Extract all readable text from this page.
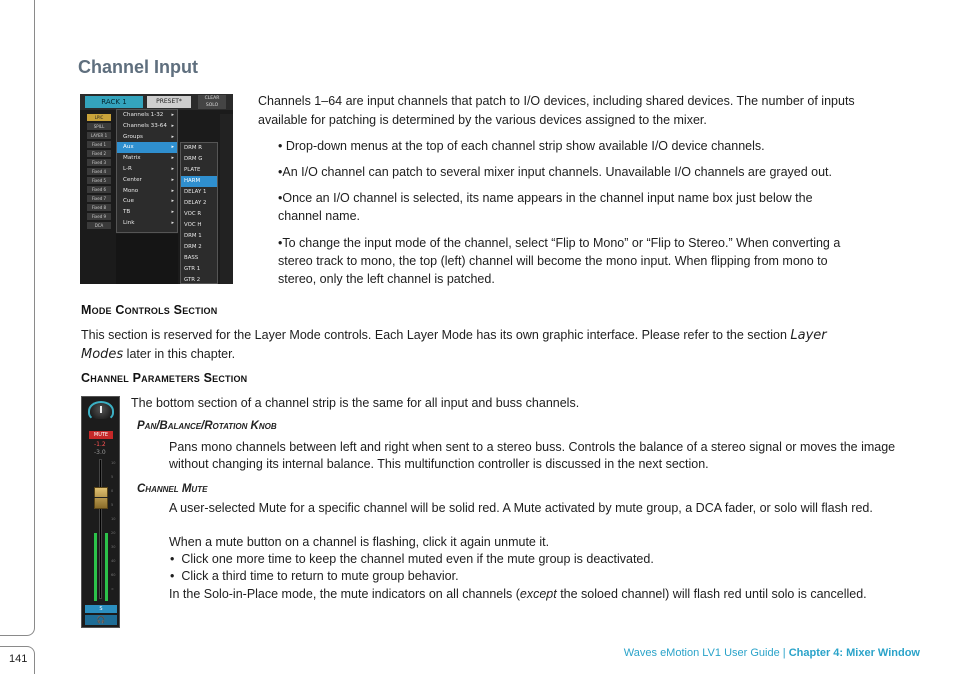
141
Channel Input
RACK 1	PRESET*	CLEAR SOLO
LPIC
SPILL
LAYER 1
Fixed 1
Fixed 2
Fixed 3
Fixed 4
Fixed 5
Fixed 6
Fixed 7
Fixed 8
Fixed 9
DCA
Channels 1-32 ▸
Channels 33-64 ▸
Groups	▸
Aux	▸
Matrix	▸
L-R	▸
Center	▸
Mono	▸
Cue	▸
TB	▸
Link	▸
DRM R
DRM G
PLATE
HARM
DELAY 1
DELAY 2
VOC R
VOC H
DRM 1
DRM 2
BASS
GTR 1
GTR 2

Channels 1–64 are input channels that patch to I/O devices, including shared devices. The number of inputs available for patching is determined by the various devices assigned to the mixer.

• Drop-down menus at the top of each channel strip show available I/O device channels.

•An I/O channel can patch to several mixer input channels. Unavailable I/O channels are grayed out.

•Once an I/O channel is selected, its name appears in the channel input name box just below the channel name.

•To change the input mode of the channel, select “Flip to Mono” or “Flip to Stereo.” When converting a stereo track to mono, the top (left) channel will become the mono input. When flipping from mono to stereo, only the left channel is patched.

Mode Controls Section

This section is reserved for the Layer Mode controls. Each Layer Mode has its own graphic interface. Please refer to the section Layer
Modes later in this chapter.

Channel Parameters Section
MUTE
-1.2
-3.0
10
5
0
5
10
20
30
40
60
∞
S
🎧

The bottom section of a channel strip is the same for all input and buss channels.

Pan/Balance/Rotation Knob

Pans mono channels between left and right when sent to a stereo buss. Controls the balance of a stereo signal or moves the image without changing its internal balance. This multifunction controller is discussed in the next section.

Channel Mute

A user-selected Mute for a specific channel will be solid red. A Mute activated by mute group, a DCA fader, or solo will flash red.

When a mute button on a channel is flashing, click it again unmute it.

•  Click one more time to keep the channel muted even if the mute group is deactivated.
•  Click a third time to return to mute group behavior.

In the Solo-in-Place mode, the mute indicators on all channels (except the soloed channel) will flash red until solo is cancelled.

Waves eMotion LV1 User Guide | Chapter 4: Mixer Window
